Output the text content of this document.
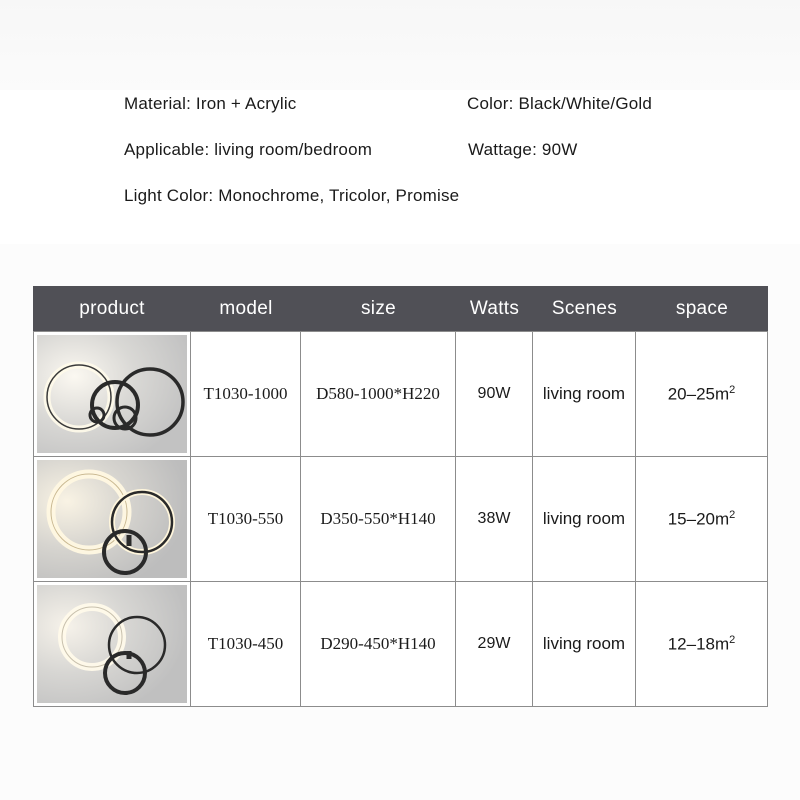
Material: Iron + Acrylic	Color: Black/White/Gold
Applicable: living room/bedroom	Wattage: 90W
Light Color: Monochrome, Tricolor, Promise
product	model	size	Watts	Scenes	space

	T1030-1000	D580-1000*H220	90W	living room	$20-25m^2$

	T1030-550	D350-550*H140	38W	living room	$15-20m^2$

	T1030-450	D290-450*H140	29W	living room	$12-18m^2$
